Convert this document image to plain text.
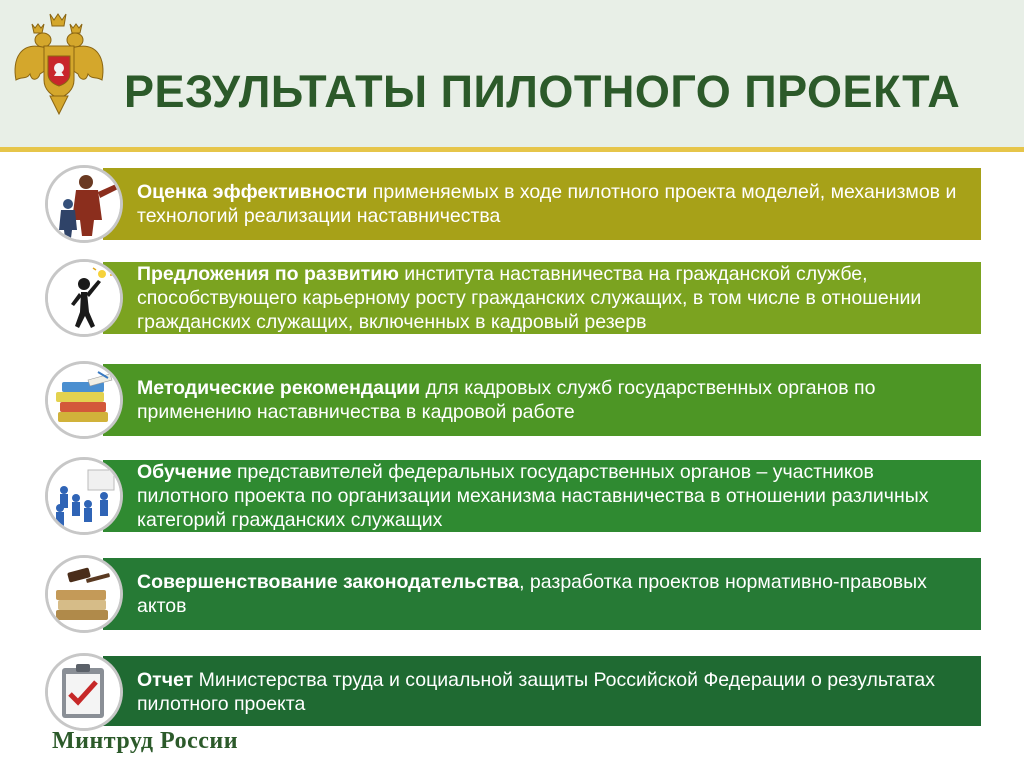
РЕЗУЛЬТАТЫ ПИЛОТНОГО ПРОЕКТА
Оценка эффективности применяемых в ходе пилотного проекта моделей, механизмов и технологий реализации наставничества
Предложения по развитию института наставничества на гражданской службе, способствующего карьерному росту гражданских служащих, в том числе в отношении гражданских служащих, включенных в кадровый резерв
Методические рекомендации для кадровых служб государственных органов по применению наставничества в кадровой работе
Обучение представителей федеральных государственных органов – участников пилотного проекта по организации механизма наставничества в отношении различных категорий гражданских служащих
Совершенствование законодательства, разработка проектов нормативно-правовых актов
Отчет Министерства труда и социальной защиты Российской Федерации о результатах пилотного проекта
Минтруд России
